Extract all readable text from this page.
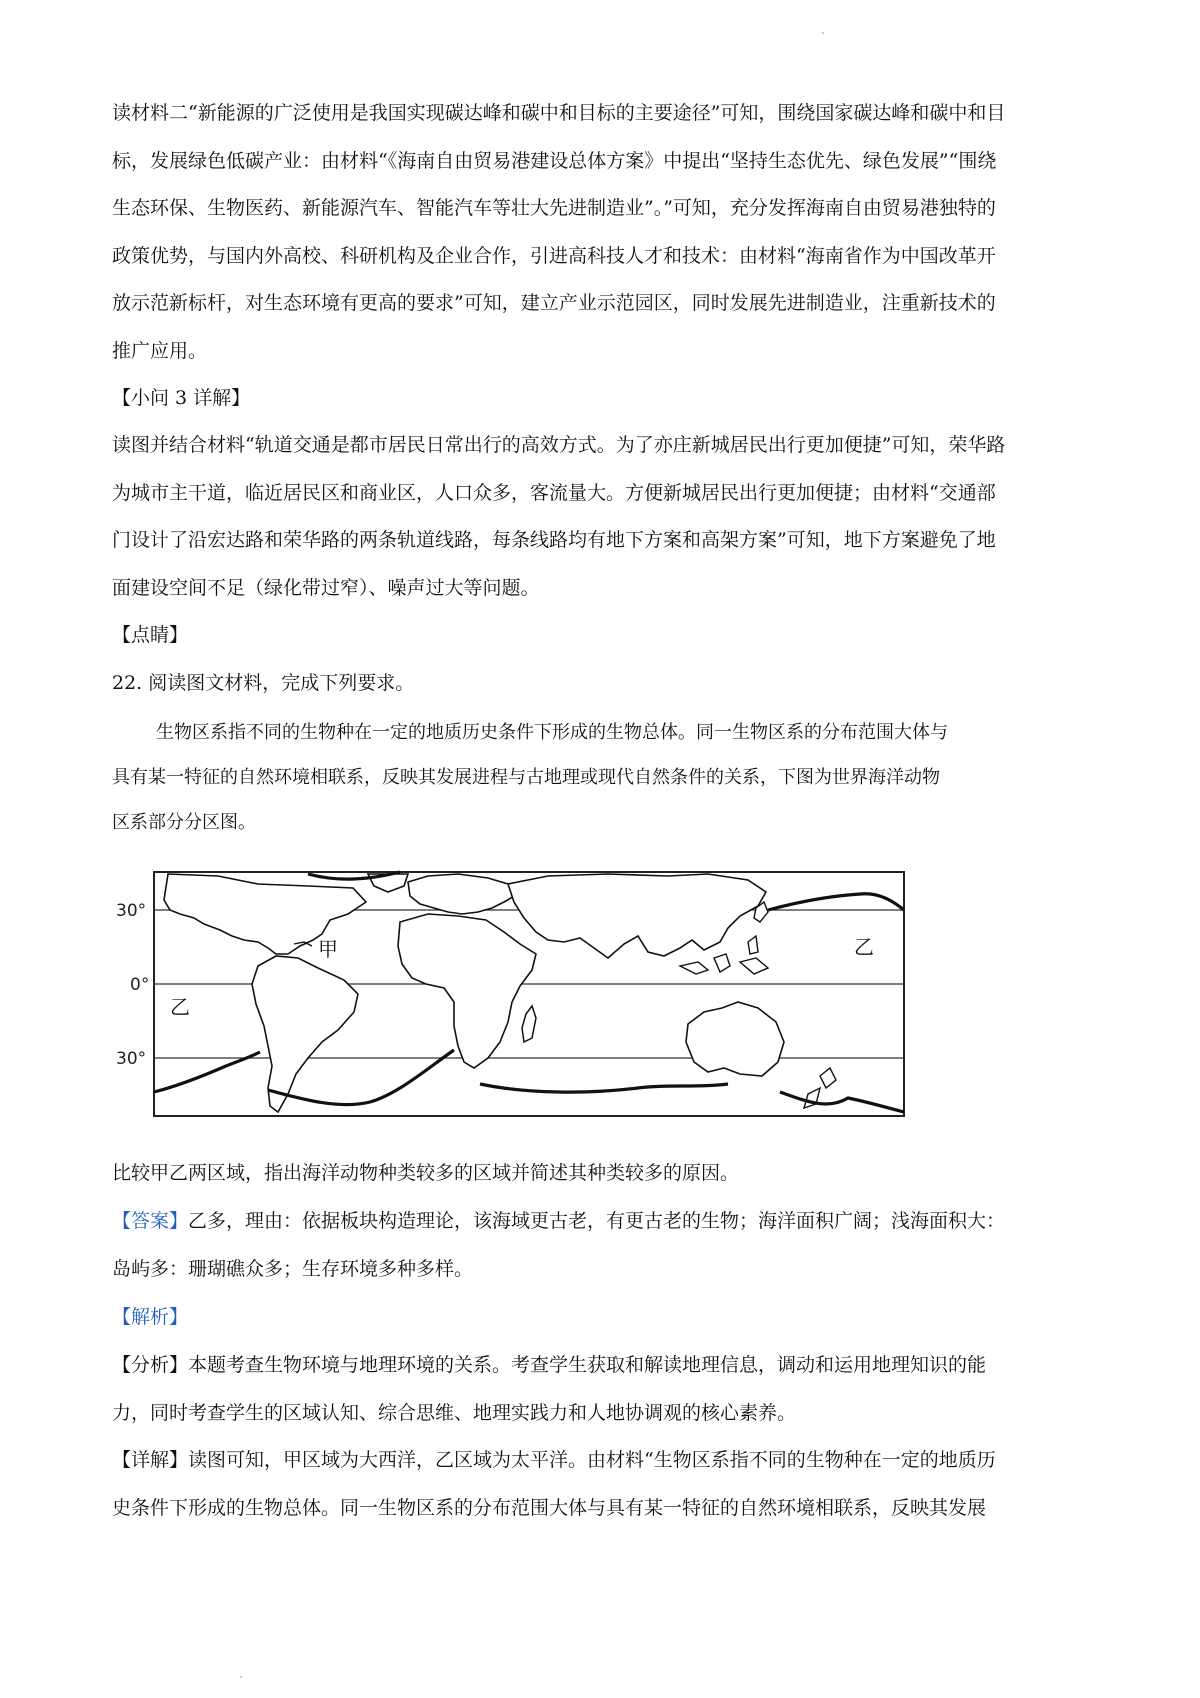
读材料二“新能源的广泛使用是我国实现碳达峰和碳中和目标的主要途径”可知，围绕国家碳达峰和碳中和目
标，发展绿色低碳产业：由材料“《海南自由贸易港建设总体方案》中提出“坚持生态优先、绿色发展”“围绕
生态环保、生物医药、新能源汽车、智能汽车等壮大先进制造业”。”可知，充分发挥海南自由贸易港独特的
政策优势，与国内外高校、科研机构及企业合作，引进高科技人才和技术：由材料“海南省作为中国改革开
放示范新标杆，对生态环境有更高的要求”可知，建立产业示范园区，同时发展先进制造业，注重新技术的
推广应用。
【小问 3 详解】
读图并结合材料“轨道交通是都市居民日常出行的高效方式。为了亦庄新城居民出行更加便捷”可知，荣华路
为城市主干道，临近居民区和商业区，人口众多，客流量大。方便新城居民出行更加便捷；由材料“交通部
门设计了沿宏达路和荣华路的两条轨道线路，每条线路均有地下方案和高架方案”可知，地下方案避免了地
面建设空间不足（绿化带过窄）、噪声过大等问题。
【点睛】
22. 阅读图文材料，完成下列要求。
生物区系指不同的生物种在一定的地质历史条件下形成的生物总体。同一生物区系的分布范围大体与
具有某一特征的自然环境相联系，反映其发展进程与古地理或现代自然条件的关系，下图为世界海洋动物
区系部分分区图。
30°
0°
30°
甲	乙
乙
比较甲乙两区域，指出海洋动物种类较多的区域并简述其种类较多的原因。
【答案】乙多，理由：依据板块构造理论，该海域更古老，有更古老的生物；海洋面积广阔；浅海面积大：
岛屿多：珊瑚礁众多；生存环境多种多样。
【解析】
【分析】本题考查生物环境与地理环境的关系。考查学生获取和解读地理信息，调动和运用地理知识的能
力，同时考查学生的区域认知、综合思维、地理实践力和人地协调观的核心素养。
【详解】读图可知，甲区域为大西洋，乙区域为太平洋。由材料“生物区系指不同的生物种在一定的地质历
史条件下形成的生物总体。同一生物区系的分布范围大体与具有某一特征的自然环境相联系，反映其发展
